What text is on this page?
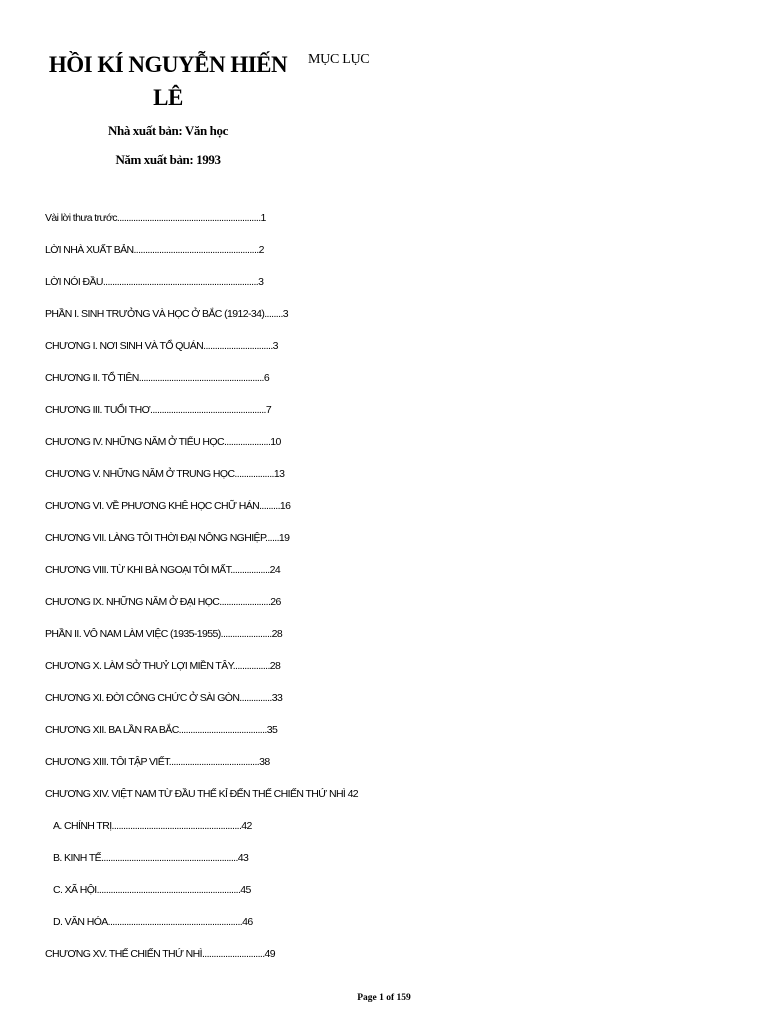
HỒI KÍ NGUYỄN HIẾN LÊ
MỤC LỤC
Nhà xuất bản: Văn học
Năm xuất bản: 1993
Vài lời thưa trước..............................................................1
LỜI NHÀ XUẤT BẢN......................................................2
LỜI NÓI ĐẦU...................................................................3
PHẦN I. SINH TRƯỞNG VÀ HỌC Ở BẮC (1912-34)........3
CHƯƠNG I. NƠI SINH VÀ TỔ QUÁN..............................3
CHƯƠNG II. TỔ TIÊN......................................................6
CHƯƠNG III. TUỔI THƠ..................................................7
CHƯƠNG IV. NHỮNG NĂM Ở TIỂU HỌC....................10
CHƯƠNG V. NHỮNG NĂM Ở TRUNG HỌC.................13
CHƯƠNG VI. VỀ PHƯƠNG KHÊ HỌC CHỮ HÁN.........16
CHƯƠNG VII. LÀNG TÔI THỜI ĐẠI NÔNG NGHIỆP......19
CHƯƠNG VIII. TỪ KHI BÀ NGOẠI TÔI MẤT.................24
CHƯƠNG IX. NHỮNG NĂM Ở ĐẠI HỌC......................26
PHẦN II. VÔ NAM LÀM VIỆC (1935-1955)......................28
CHƯƠNG X. LÀM SỞ THUỶ LỢI MIỀN TÂY................28
CHƯƠNG XI. ĐỜI CÔNG CHỨC Ở SÀI GÒN..............33
CHƯƠNG XII. BA LẦN RA BẮC......................................35
CHƯƠNG XIII. TÔI TẬP VIẾT.......................................38
CHƯƠNG XIV. VIỆT NAM TỪ ĐẦU THẾ KỈ ĐẾN THẾ CHIẾN THỨ NHÌ 42
A. CHÍNH TRỊ........................................................42
B. KINH TẾ...........................................................43
C. XÃ HỘI..............................................................45
D. VĂN HÓA..........................................................46
CHƯƠNG XV. THẾ CHIẾN THỨ NHÌ...........................49
Page 1 of 159
